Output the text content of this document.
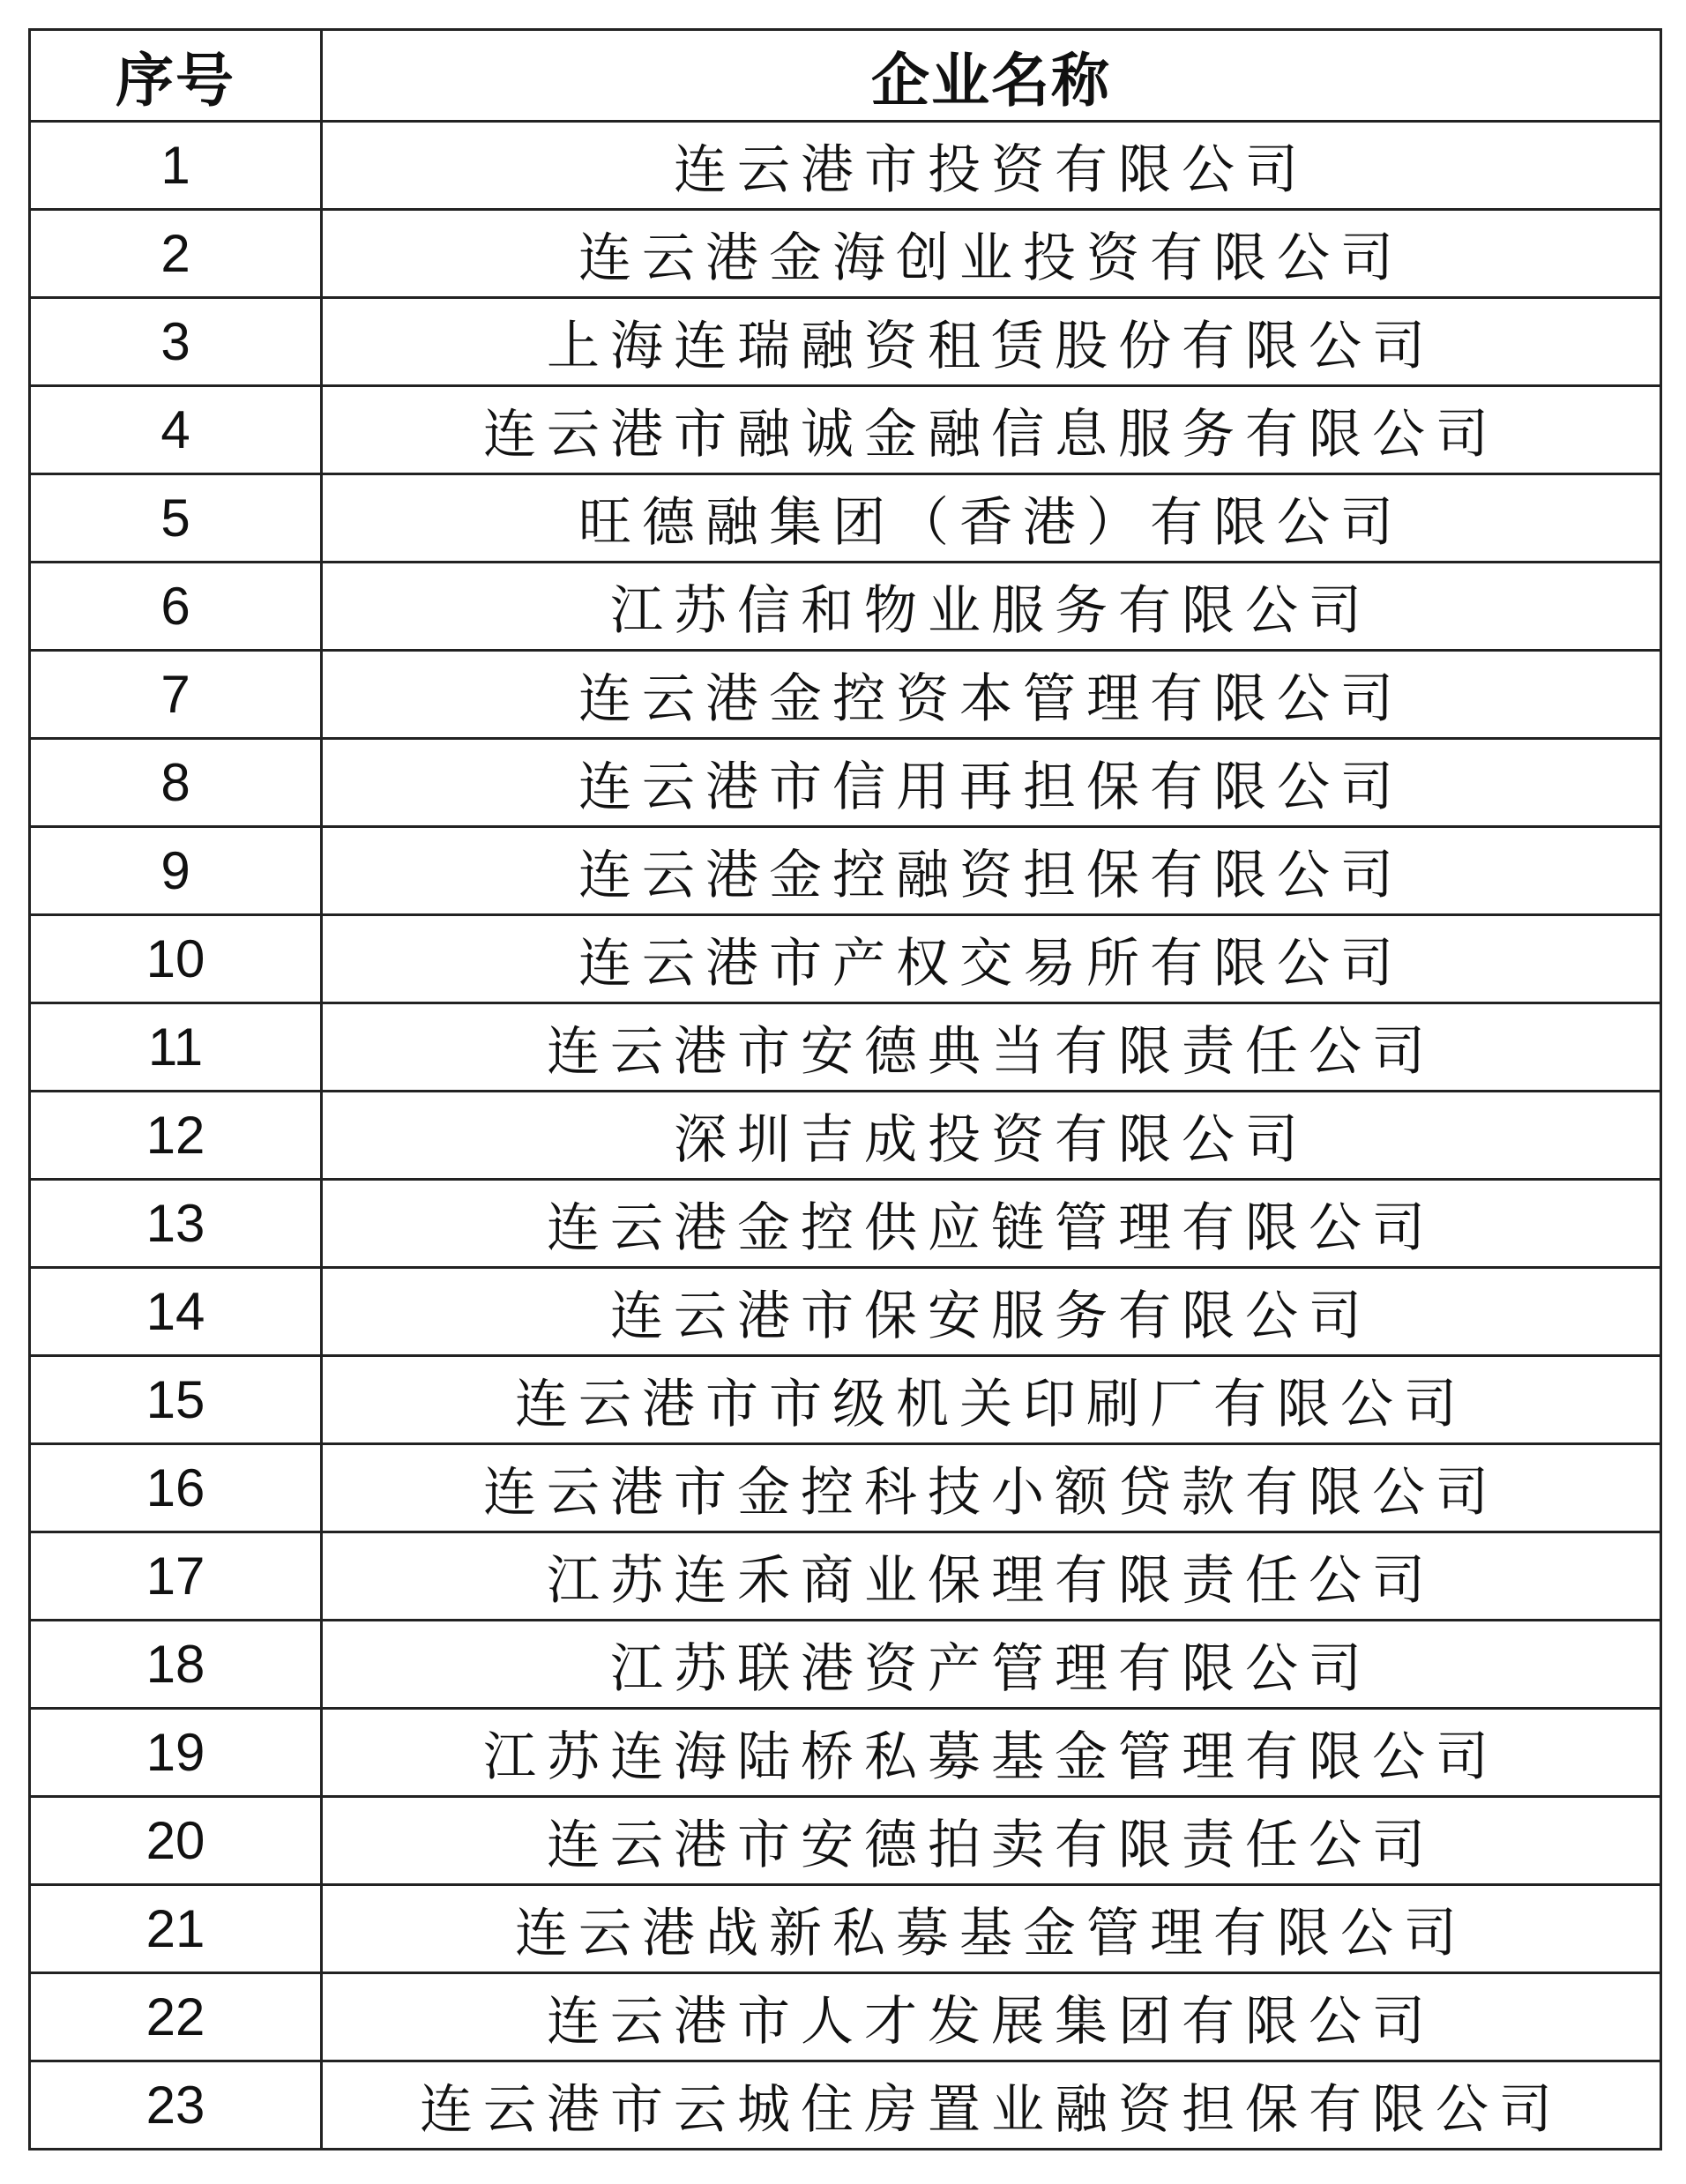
序号	企业名称
1	连云港市投资有限公司
2	连云港金海创业投资有限公司
3	上海连瑞融资租赁股份有限公司
4	连云港市融诚金融信息服务有限公司
5	旺德融集团（香港）有限公司
6	江苏信和物业服务有限公司
7	连云港金控资本管理有限公司
8	连云港市信用再担保有限公司
9	连云港金控融资担保有限公司
10	连云港市产权交易所有限公司
11	连云港市安德典当有限责任公司
12	深圳吉成投资有限公司
13	连云港金控供应链管理有限公司
14	连云港市保安服务有限公司
15	连云港市市级机关印刷厂有限公司
16	连云港市金控科技小额贷款有限公司
17	江苏连禾商业保理有限责任公司
18	江苏联港资产管理有限公司
19	江苏连海陆桥私募基金管理有限公司
20	连云港市安德拍卖有限责任公司
21	连云港战新私募基金管理有限公司
22	连云港市人才发展集团有限公司
23	连云港市云城住房置业融资担保有限公司
